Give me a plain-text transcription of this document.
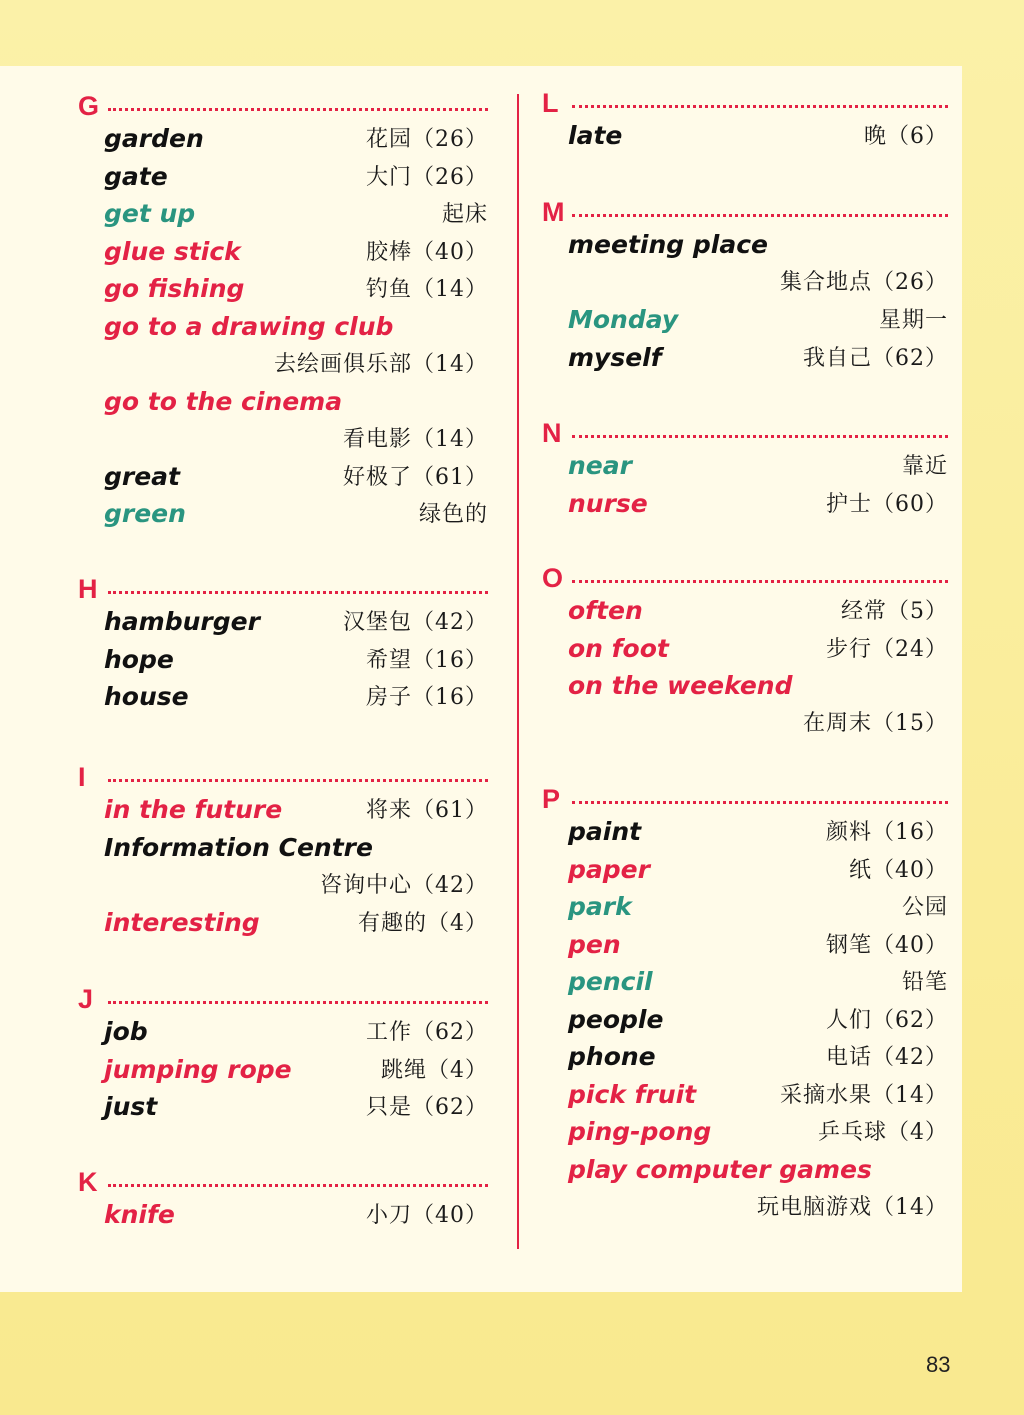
G
garden	花园（26）
gate	大门（26）
get up	起床
glue stick	胶棒（40）
go fishing	钓鱼（14）
go to a drawing club
去绘画俱乐部（14）
go to the cinema
看电影（14）
great	好极了（61）
green	绿色的
H
hamburger	汉堡包（42）
hope	希望（16）
house	房子（16）
I
in the future	将来（61）
Information Centre
咨询中心（42）
interesting	有趣的（4）
J
job	工作（62）
jumping rope	跳绳（4）
just	只是（62）
K
knife	小刀（40）
L
late	晚（6）
M
meeting place
集合地点（26）
Monday	星期一
myself	我自己（62）
N
near	靠近
nurse	护士（60）
O
often	经常（5）
on foot	步行（24）
on the weekend
在周末（15）
P
paint	颜料（16）
paper	纸（40）
park	公园
pen	钢笔（40）
pencil	铅笔
people	人们（62）
phone	电话（42）
pick fruit	采摘水果（14）
ping-pong	乒乓球（4）
play computer games
玩电脑游戏（14）
83
